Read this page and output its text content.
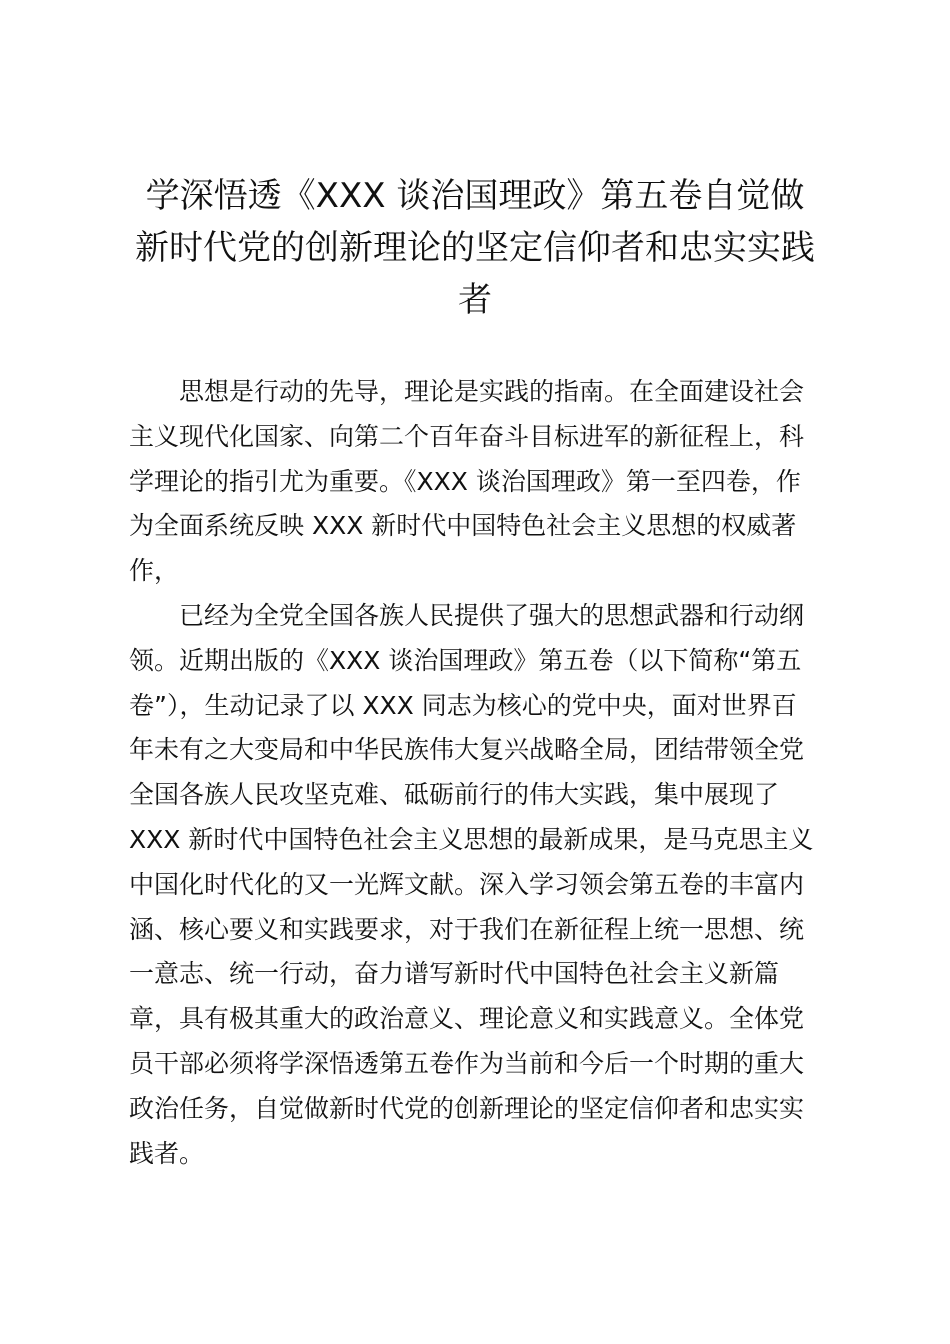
学深悟透《XXX 谈治国理政》第五卷自觉做
新时代党的创新理论的坚定信仰者和忠实实践
者

思想是行动的先导，理论是实践的指南。在全面建设社会
主义现代化国家、向第二个百年奋斗目标进军的新征程上，科
学理论的指引尤为重要。《XXX 谈治国理政》第一至四卷，作
为全面系统反映 XXX 新时代中国特色社会主义思想的权威著
作，

已经为全党全国各族人民提供了强大的思想武器和行动纲
领。近期出版的《XXX 谈治国理政》第五卷（以下简称“第五
卷”），生动记录了以 XXX 同志为核心的党中央，面对世界百
年未有之大变局和中华民族伟大复兴战略全局，团结带领全党
全国各族人民攻坚克难、砥砺前行的伟大实践，集中展现了
XXX 新时代中国特色社会主义思想的最新成果，是马克思主义
中国化时代化的又一光辉文献。深入学习领会第五卷的丰富内
涵、核心要义和实践要求，对于我们在新征程上统一思想、统
一意志、统一行动，奋力谱写新时代中国特色社会主义新篇
章，具有极其重大的政治意义、理论意义和实践意义。全体党
员干部必须将学深悟透第五卷作为当前和今后一个时期的重大
政治任务，自觉做新时代党的创新理论的坚定信仰者和忠实实
践者。
